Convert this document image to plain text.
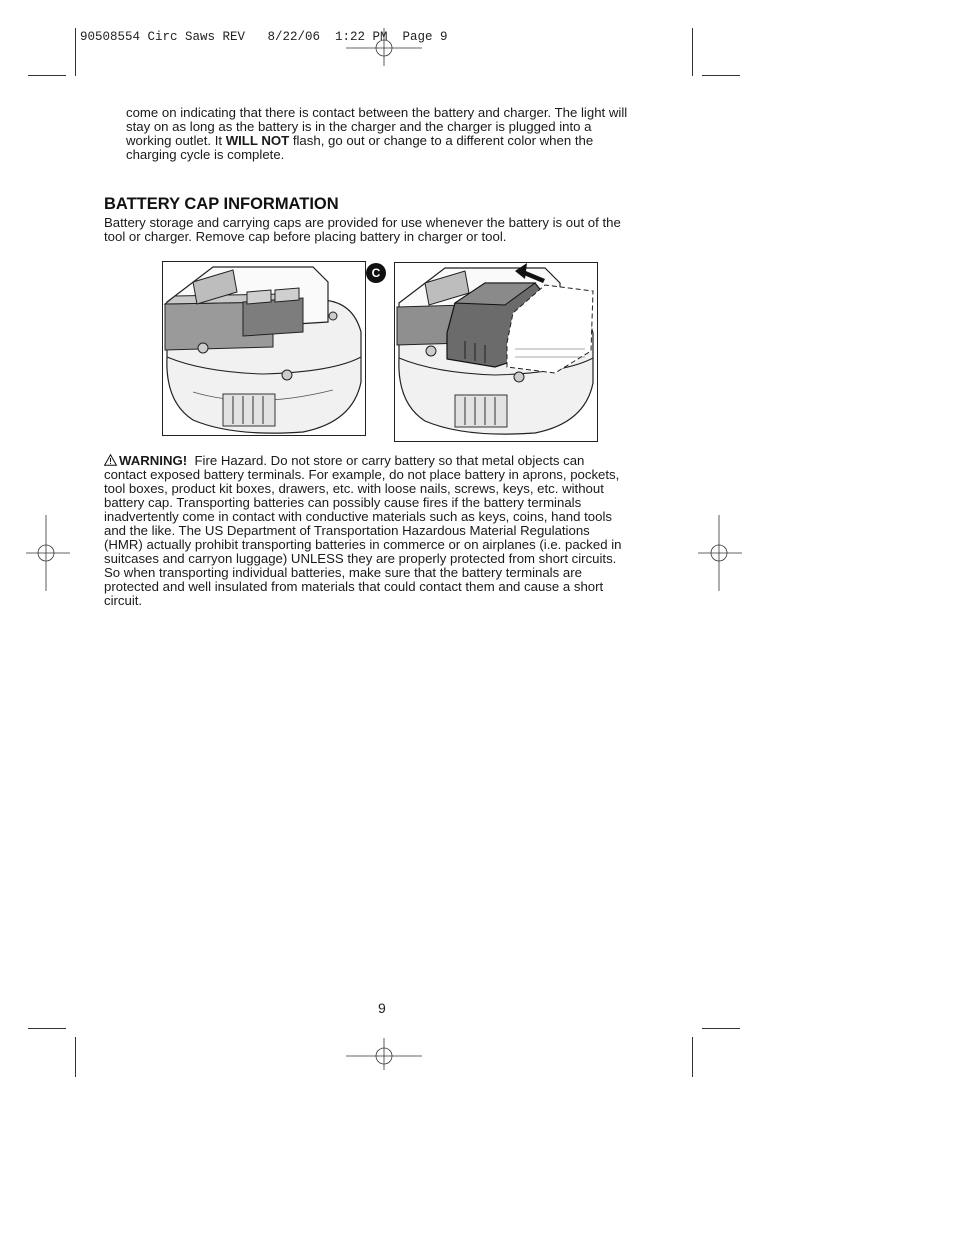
90508554 Circ Saws REV   8/22/06  1:22 PM  Page 9
come on indicating that there is contact between the battery and charger. The light will
stay on as long as the battery is in the charger and the charger is plugged into a
working outlet. It WILL NOT flash, go out or change to a different color when the
charging cycle is complete.
BATTERY CAP INFORMATION
Battery storage and carrying caps are provided for use whenever the battery is out of the
tool or charger. Remove cap before placing battery in charger or tool.
C
WARNING!  Fire Hazard. Do not store or carry battery so that metal objects can
contact exposed battery terminals. For example, do not place battery in aprons, pockets,
tool boxes, product kit boxes, drawers, etc. with loose nails, screws, keys, etc. without
battery cap. Transporting batteries can possibly cause fires if the battery terminals
inadvertently come in contact with conductive materials such as keys, coins, hand tools
and the like. The US Department of Transportation Hazardous Material Regulations
(HMR) actually prohibit transporting batteries in commerce or on airplanes (i.e. packed in
suitcases and carryon luggage) UNLESS they are properly protected from short circuits.
So when transporting individual batteries, make sure that the battery terminals are
protected and well insulated from materials that could contact them and cause a short
circuit.
9
